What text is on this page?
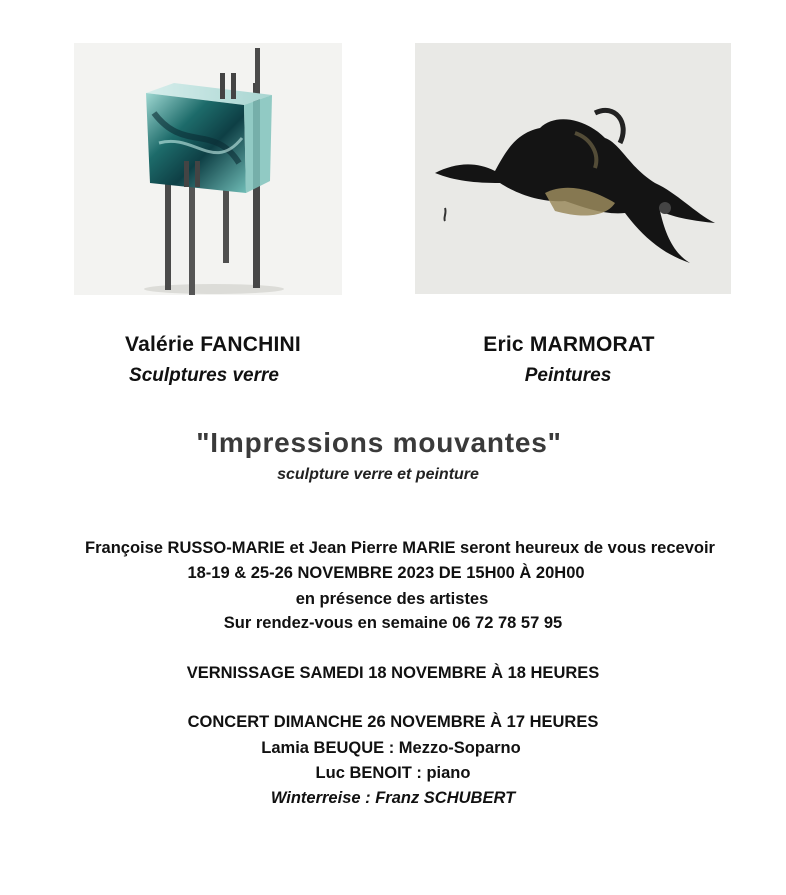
Valérie FANCHINI
Sculptures verre
Eric MARMORAT
Peintures
"Impressions mouvantes"
sculpture verre et peinture
Françoise RUSSO-MARIE et Jean Pierre MARIE seront heureux de vous recevoir
18-19 & 25-26 NOVEMBRE 2023 DE 15H00 À 20H00
en présence des artistes
Sur rendez-vous en semaine 06 72 78 57 95
VERNISSAGE SAMEDI 18 NOVEMBRE À 18 HEURES
CONCERT DIMANCHE 26 NOVEMBRE À 17 HEURES
Lamia BEUQUE : Mezzo-Soparno
Luc BENOIT : piano
Winterreise : Franz SCHUBERT
